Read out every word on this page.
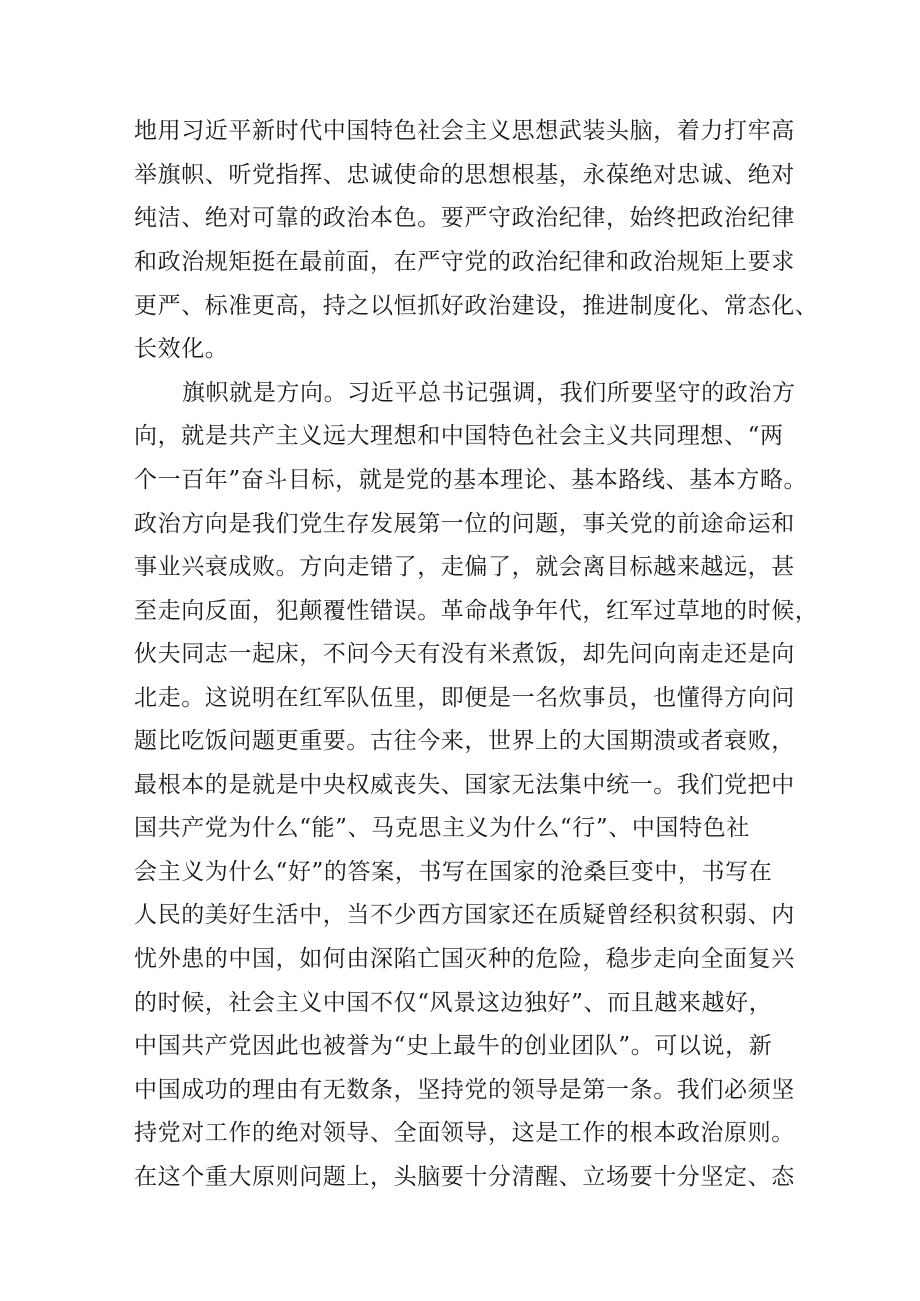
地用习近平新时代中国特色社会主义思想武装头脑，着力打牢高
举旗帜、听党指挥、忠诚使命的思想根基，永葆绝对忠诚、绝对
纯洁、绝对可靠的政治本色。要严守政治纪律，始终把政治纪律
和政治规矩挺在最前面，在严守党的政治纪律和政治规矩上要求
更严、标准更高，持之以恒抓好政治建设，推进制度化、常态化、
长效化。
旗帜就是方向。习近平总书记强调，我们所要坚守的政治方
向，就是共产主义远大理想和中国特色社会主义共同理想、“两
个一百年”奋斗目标，就是党的基本理论、基本路线、基本方略。
政治方向是我们党生存发展第一位的问题，事关党的前途命运和
事业兴衰成败。方向走错了，走偏了，就会离目标越来越远，甚
至走向反面，犯颠覆性错误。革命战争年代，红军过草地的时候，
伙夫同志一起床，不问今天有没有米煮饭，却先问向南走还是向
北走。这说明在红军队伍里，即便是一名炊事员，也懂得方向问
题比吃饭问题更重要。古往今来，世界上的大国期溃或者衰败，
最根本的是就是中央权威丧失、国家无法集中统一。我们党把中
国共产党为什么“能”、马克思主义为什么“行”、中国特色社
会主义为什么“好”的答案，书写在国家的沧桑巨变中，书写在
人民的美好生活中，当不少西方国家还在质疑曾经积贫积弱、内
忧外患的中国，如何由深陷亡国灭种的危险，稳步走向全面复兴
的时候，社会主义中国不仅“风景这边独好”、而且越来越好，
中国共产党因此也被誉为“史上最牛的创业团队”。可以说，新
中国成功的理由有无数条，坚持党的领导是第一条。我们必须坚
持党对工作的绝对领导、全面领导，这是工作的根本政治原则。
在这个重大原则问题上，头脑要十分清醒、立场要十分坚定、态
